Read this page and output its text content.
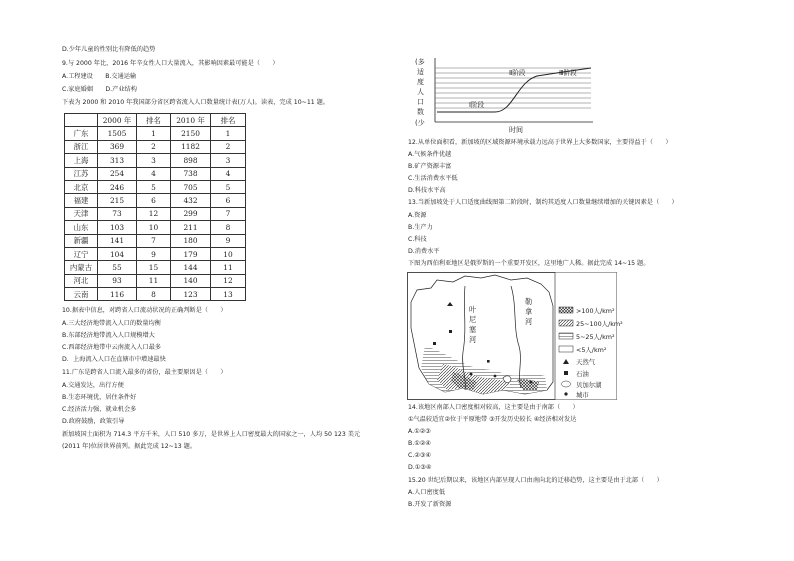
D.少年儿童的性别比有降低的趋势
9.与 2000 年比，2016 年辛女性人口大量流入，其影响因素最可能是（　　）
A.工程建设　　B.交通运输
C.家庭婚姻　　D.产业结构
下表为 2000 和 2010 年我国部分省区跨省流入人口数量统计表(万人)。读表，完成 10~11 题。
	2000 年	排名	2010 年	排名
广东	1505	1	2150	1
浙江	369	2	1182	2
上海	313	3	898	3
江苏	254	4	738	4
北京	246	5	705	5
福建	215	6	432	6
天津	73	12	299	7
山东	103	10	211	8
新疆	141	7	180	9
辽宁	104	9	179	10
内蒙古	55	15	144	11
河北	93	11	140	12
云南	116	8	123	13
10.据表中信息，对跨省人口流动状况的正确判断是（　　）
A.三大经济地带流入人口的数量均衡
B.东部经济地带流入人口规模增大
C.西部经济地带中云南流入人口最多
D．上海流入人口在直辖市中增速最快
11.广东是跨省人口流入最多的省份，最主要原因是（　　）
A.交通发达，出行方便
B.生态环境优，居住条件好
C.经济活力强，就业机会多
D.政府鼓励，政策引导
新加坡国土面积为 714.3 平方千米，人口 510 多万，是世界上人口密度最大的国家之一，人均 50 123 美元
(2011 年)位居世界前列。据此完成 12~13 题。
(多
适
度
人
口
数
(少
Ⅰ阶段
Ⅱ阶段	Ⅲ阶段
时间
12.从单位面积看，新加坡的区域资源环境承载力远高于世界上大多数国家，主要得益于（　　）
A.气候条件优越
B.矿产资源丰富
C.生活消费水平低
D.科技水平高
13.当新加坡处于人口适度曲线图第二阶段时，制约其适度人口数量继续增加的关键因素是（　　）
A.资源
B.生产力
C.科技
D.消费水平
下图为西伯利亚地区是俄罗斯的一个重要开发区，这里地广人稀。据此完成 14~15 题。
叶
尼
塞
河
勒
拿
河
>100人/km²
25~100人/km²
5~25人/km²
<5人/km²
天然气
石油
贝加尔湖
城市
14.该地区南部人口密度相对较高，这主要是由于南部（　　）
①气温较适宜②位于平原地带 ③开发历史较长 ④经济相对发达
A.①②③
B.①②④
C.②③④
D.①③④
15.20 世纪后期以来，该地区内部呈现人口由南向北的迁移趋势，这主要是由于北部（　　）
A.人口密度低
B.开发了新资源
